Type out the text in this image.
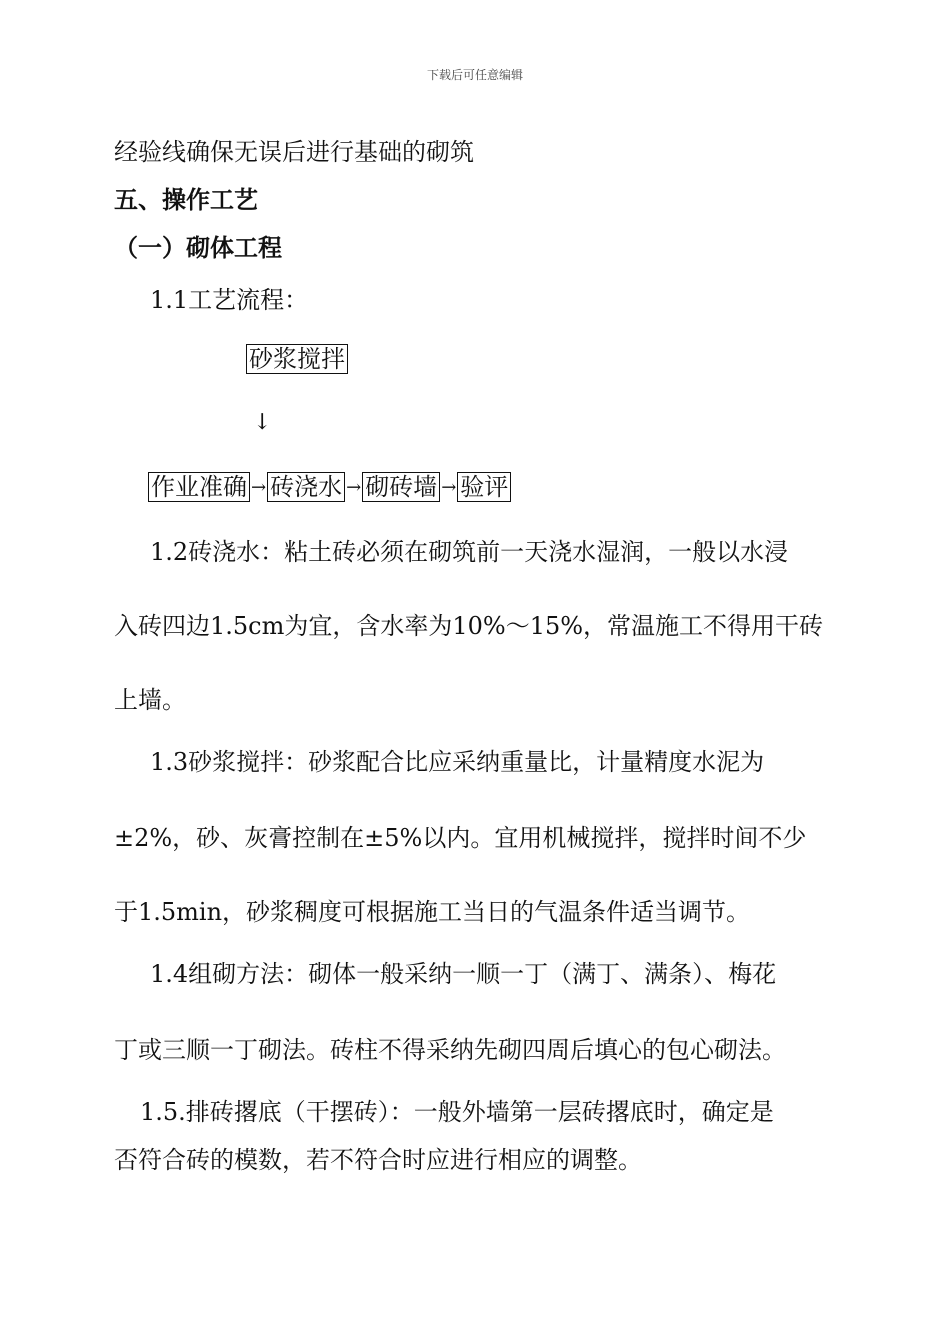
下载后可任意编辑
经验线确保无误后进行基础的砌筑
五、操作工艺
（一）砌体工程
1.1工艺流程：
砂浆搅拌
↓
作业准确 → 砖浇水 → 砌砖墙 → 验评
1.2砖浇水：粘土砖必须在砌筑前一天浇水湿润，一般以水浸
入砖四边1.5cm为宜，含水率为10%～15%，常温施工不得用干砖
上墙。
1.3砂浆搅拌：砂浆配合比应采纳重量比，计量精度水泥为
±2%，砂、灰膏控制在±5%以内。宜用机械搅拌，搅拌时间不少
于1.5min，砂浆稠度可根据施工当日的气温条件适当调节。
1.4组砌方法：砌体一般采纳一顺一丁（满丁、满条）、梅花
丁或三顺一丁砌法。砖柱不得采纳先砌四周后填心的包心砌法。
1.5.排砖撂底（干摆砖）：一般外墙第一层砖撂底时，确定是
否符合砖的模数，若不符合时应进行相应的调整。
